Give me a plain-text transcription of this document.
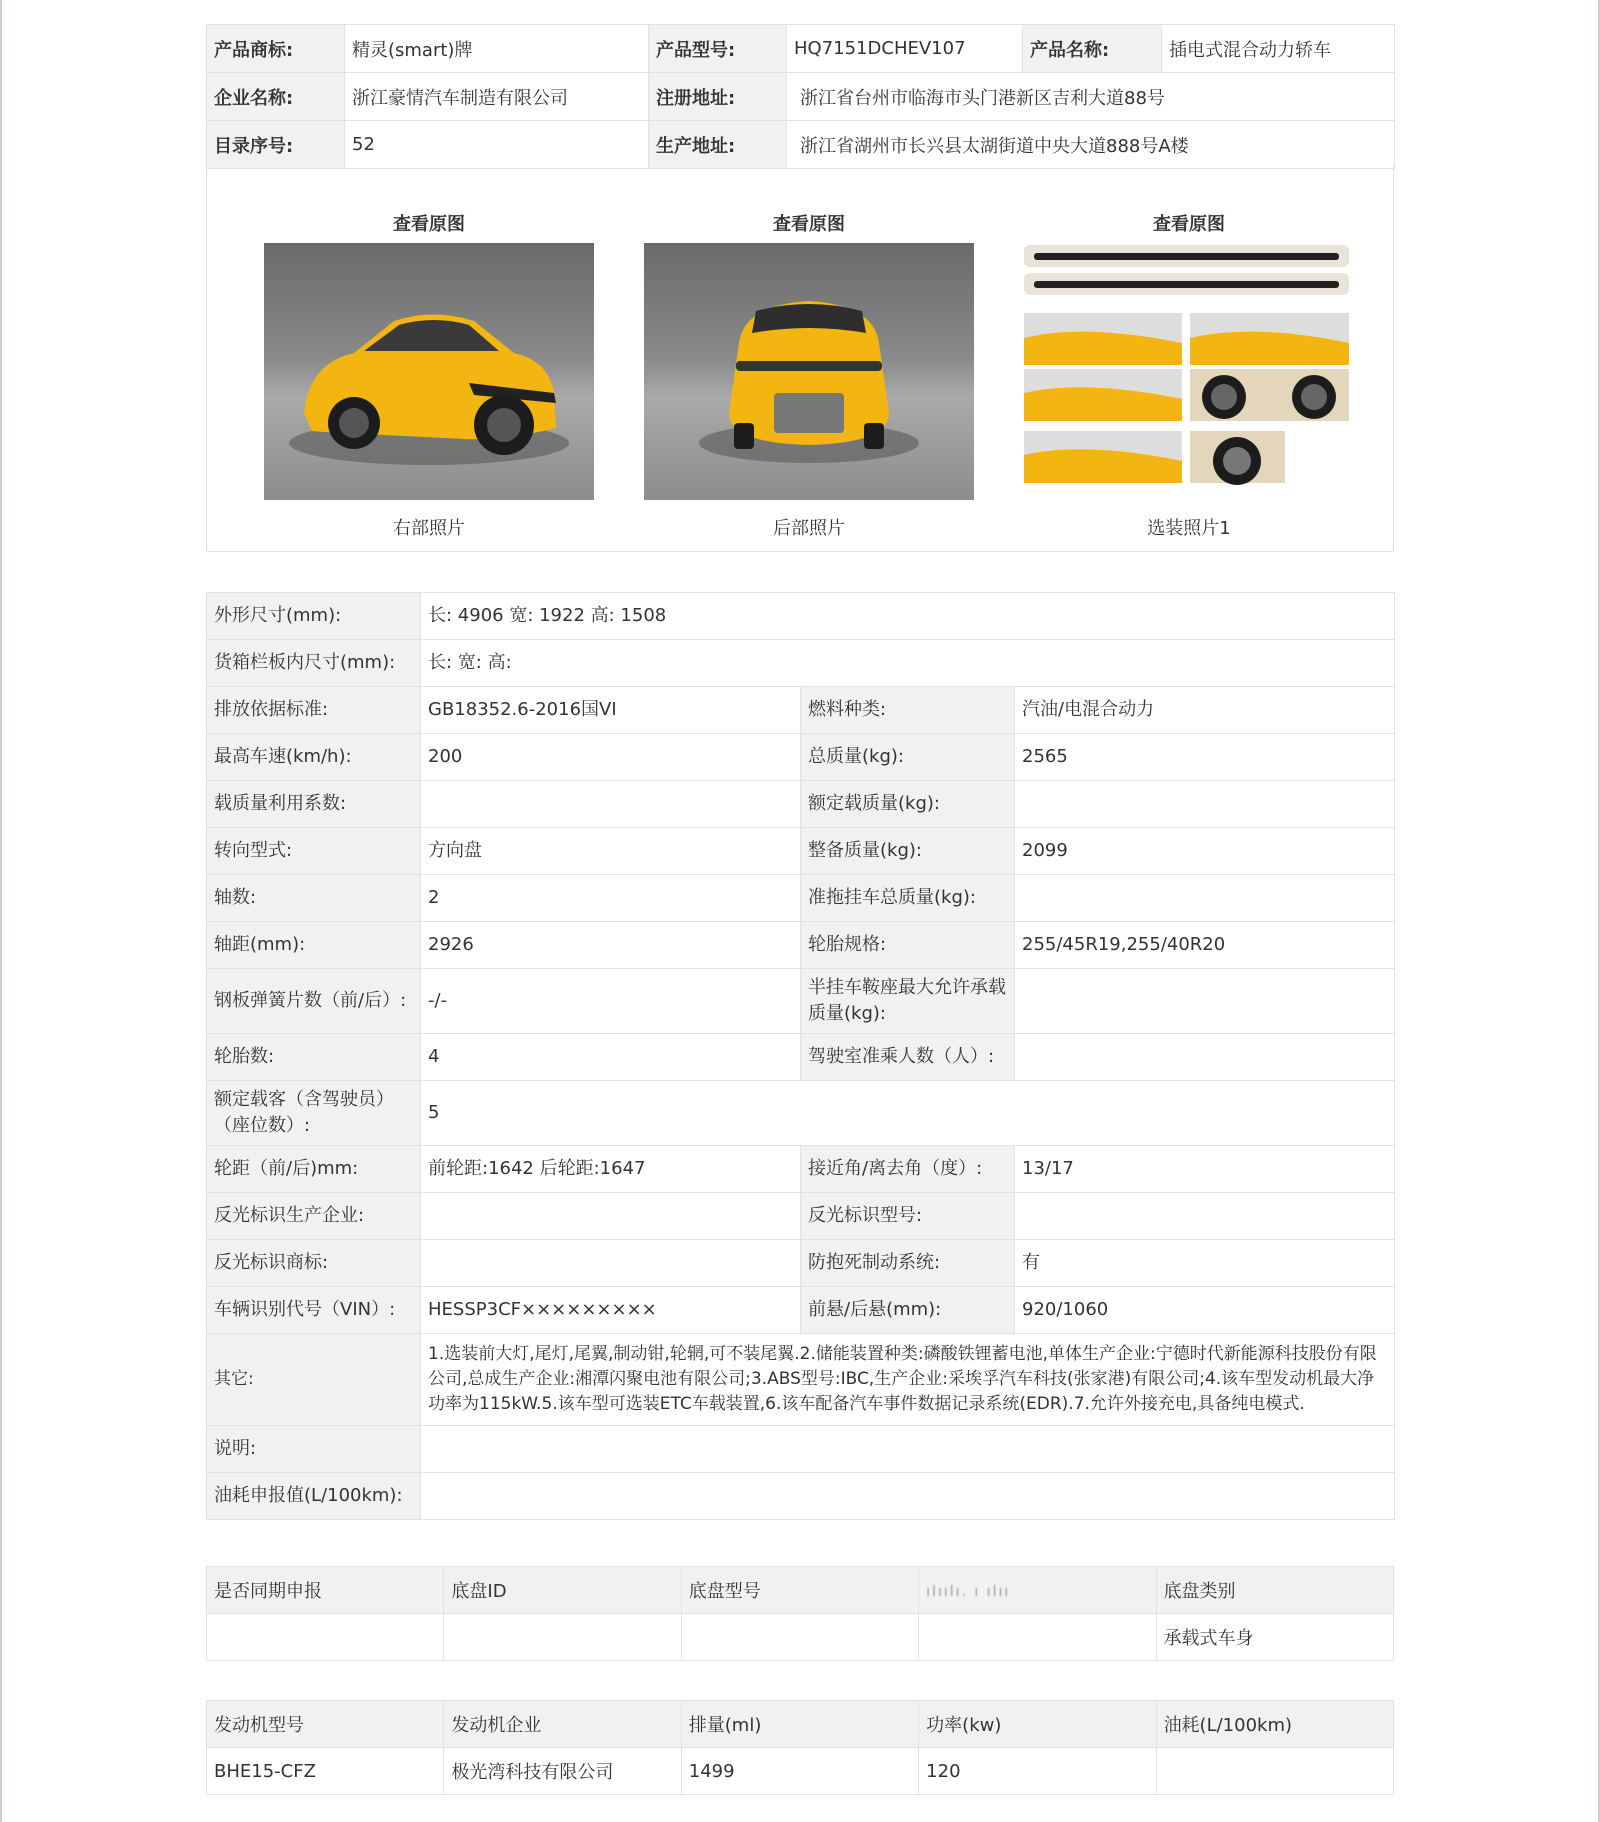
产品商标:	精灵(smart)牌	产品型号:	HQ7151DCHEV107	产品名称:	插电式混合动力轿车
企业名称:	浙江豪情汽车制造有限公司	注册地址:	浙江省台州市临海市头门港新区吉利大道88号		
目录序号:	52	生产地址:	浙江省湖州市长兴县太湖街道中央大道888号A楼		
查看原图
右部照片
查看原图
后部照片
查看原图
选装照片1
外形尺寸(mm):	长: 4906 宽: 1922 高: 1508		
货箱栏板内尺寸(mm):	长: 宽: 高:		
排放依据标准:	GB18352.6-2016国VI	燃料种类:	汽油/电混合动力
最高车速(km/h):	200	总质量(kg):	2565
载质量利用系数:		额定载质量(kg):	
转向型式:	方向盘	整备质量(kg):	2099
轴数:	2	准拖挂车总质量(kg):	
轴距(mm):	2926	轮胎规格:	255/45R19,255/40R20
钢板弹簧片数（前/后）:	-/-	半挂车鞍座最大允许承载质量(kg):	
轮胎数:	4	驾驶室准乘人数（人）:	
额定载客（含驾驶员）（座位数）:	5		
轮距（前/后)mm:	前轮距:1642 后轮距:1647	接近角/离去角（度）:	13/17
反光标识生产企业:		反光标识型号:	
反光标识商标:		防抱死制动系统:	有
车辆识别代号（VIN）:	HESSP3CF×××××××××	前悬/后悬(mm):	920/1060
其它:	1.选装前大灯,尾灯,尾翼,制动钳,轮辋,可不装尾翼.2.储能装置种类:磷酸铁锂蓄电池,单体生产企业:宁德时代新能源科技股份有限公司,总成生产企业:湘潭闪聚电池有限公司;3.ABS型号:IBC,生产企业:采埃孚汽车科技(张家港)有限公司;4.该车型发动机最大净功率为115kW.5.该车型可选装ETC车载装置,6.该车配备汽车事件数据记录系统(EDR).7.允许外接充电,具备纯电模式.		
说明:			
油耗申报值(L/100km):			
是否同期申报	底盘ID	底盘型号	ılıılı. ı ılıı	底盘类别
				承载式车身
发动机型号	发动机企业	排量(ml)	功率(kw)	油耗(L/100km)
BHE15-CFZ	极光湾科技有限公司	1499	120	
